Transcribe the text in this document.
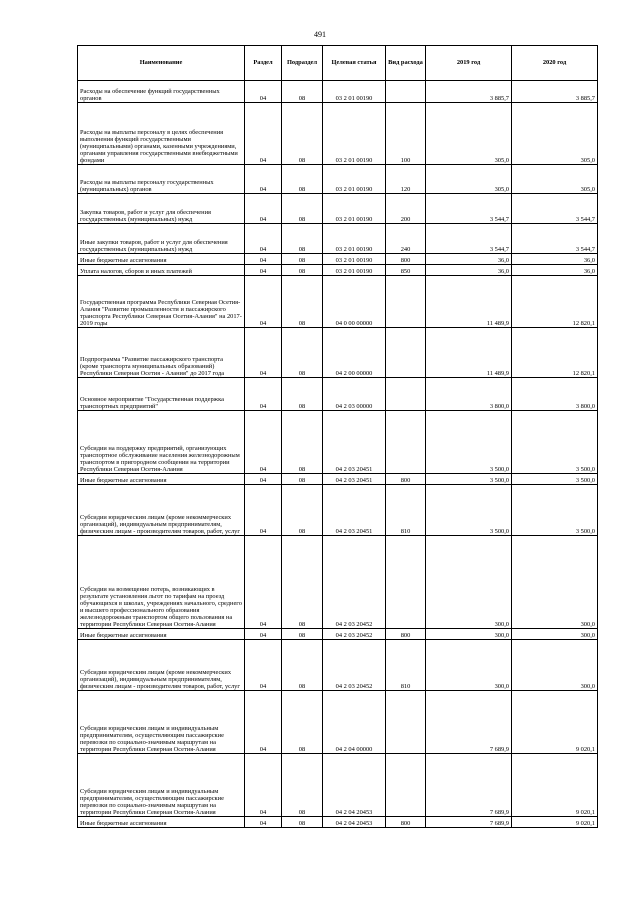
491
Наименование	Раздел	Подраздел	Целевая статья	Вид расхода	2019 год	2020 год
Расходы на обеспечение функций государственных органов	04	08	03 2 01 00190		3 885,7	3 885,7
Расходы на выплаты персоналу в целях обеспечения выполнения функций государственными (муниципальными) органами, казенными учреждениями, органами управления государственными внебюджетными фондами	04	08	03 2 01 00190	100	305,0	305,0
Расходы на выплаты персоналу государственных (муниципальных) органов	04	08	03 2 01 00190	120	305,0	305,0
Закупка товаров, работ и услуг для обеспечения государственных (муниципальных) нужд	04	08	03 2 01 00190	200	3 544,7	3 544,7
Иные закупки товаров, работ и услуг для обеспечения государственных (муниципальных) нужд	04	08	03 2 01 00190	240	3 544,7	3 544,7
Иные бюджетные ассигнования	04	08	03 2 01 00190	800	36,0	36,0
Уплата налогов, сборов и иных платежей	04	08	03 2 01 00190	850	36,0	36,0
Государственная программа Республики Северная Осетия-Алания "Развитие промышленности и пассажирского транспорта Республики Северная Осетия-Алания" на 2017-2019 годы	04	08	04 0 00 00000		11 489,9	12 820,1
Подпрограмма "Развитие пассажирского транспорта (кроме транспорта муниципальных образований) Республики Северная Осетия - Алания" до 2017 года	04	08	04 2 00 00000		11 489,9	12 820,1
Основное мероприятие "Государственная поддержка транспортных предприятий"	04	08	04 2 03 00000		3 800,0	3 800,0
Субсидии на поддержку предприятий, организующих транспортное обслуживание населения железнодорожным транспортом в пригородном сообщении на территории Республики Северная Осетия-Алания	04	08	04 2 03 20451		3 500,0	3 500,0
Иные бюджетные ассигнования	04	08	04 2 03 20451	800	3 500,0	3 500,0
Субсидии юридическим лицам (кроме некоммерческих организаций), индивидуальным предпринимателям, физическим лицам - производителям товаров, работ, услуг	04	08	04 2 03 20451	810	3 500,0	3 500,0
Субсидии на возмещение потерь, возникающих в результате установления льгот по тарифам на проезд обучающихся в школах, учреждениях начального, среднего и высшего профессионального образования железнодорожным транспортом общего пользования на территории Республики Северная Осетия-Алания	04	08	04 2 03 20452		300,0	300,0
Иные бюджетные ассигнования	04	08	04 2 03 20452	800	300,0	300,0
Субсидии юридическим лицам (кроме некоммерческих организаций), индивидуальным предпринимателям, физическим лицам - производителям товаров, работ, услуг	04	08	04 2 03 20452	810	300,0	300,0
Субсидии юридическим лицам и индивидуальным предпринимателям, осуществляющим пассажирские перевозки по социально-значимым маршрутам на территории Республики Северная Осетия-Алания	04	08	04 2 04 00000		7 689,9	9 020,1
Субсидии юридическим лицам и индивидуальным предпринимателям, осуществляющим пассажирские перевозки по социально-значимым маршрутам на территории Республики Северная Осетия-Алания	04	08	04 2 04 20453		7 689,9	9 020,1
Иные бюджетные ассигнования	04	08	04 2 04 20453	800	7 689,9	9 020,1
